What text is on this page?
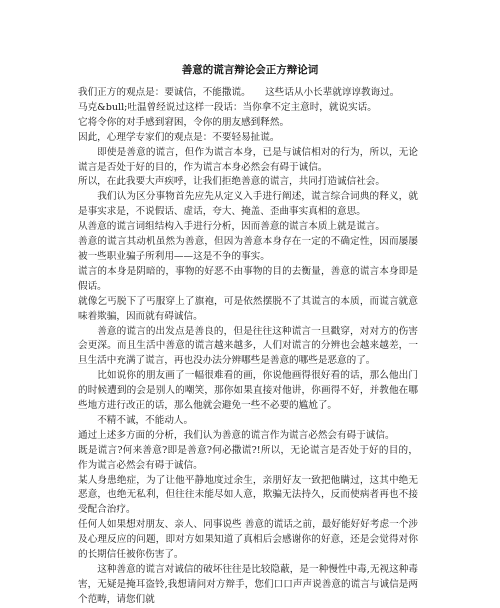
善意的谎言辩论会正方辩论词

我们正方的观点是：要诚信，不能撒谎。　　这些话从小长辈就谆谆教诲过。

马克&bull;吐温曾经说过这样一段话：当你拿不定主意时，就说实话。

它将令你的对手感到窘困，令你的朋友感到释然。

因此，心理学专家们的观点是：不要轻易扯谎。

即使是善意的谎言，但作为谎言本身，已是与诚信相对的行为，所以，无论谎言是否处于好的目的，作为谎言本身必然会有碍于诚信。

所以，在此我要大声疾呼，让我们拒绝善意的谎言，共同打造诚信社会。

我们认为区分事物首先应先从定义入手进行阐述，谎言综合词典的释义，就是事实求是，不说假话、虚话，夸大、掩盖、歪曲事实真相的意思。

从善意的谎言词组结构入手进行分析，因而善意的谎言本质上就是谎言。

善意的谎言其动机虽然为善意，但因为善意本身存在一定的不确定性，因而屡屡被一些职业骗子所利用——这是不争的事实。

谎言的本身是阴暗的，事物的好恶不由事物的目的去衡量，善意的谎言本身即是假话。

就像乞丐脱下了丐服穿上了旗袍，可是依然摆脱不了其谎言的本质，而谎言就意味着欺骗，因而就有碍诚信。

善意的谎言的出发点是善良的，但是往往这种谎言一旦戳穿，对对方的伤害会更深。而且生活中善意的谎言越来越多，人们对谎言的分辨也会越来越差，一旦生活中充满了谎言，再也没办法分辨哪些是善意的哪些是恶意的了。

比如说你的朋友画了一幅很难看的画，你说他画得很好看的话，那么他出门的时候遭到的会是别人的嘲笑，那你如果直接对他讲，你画得不好，并教他在哪些地方进行改正的话，那么他就会避免一些不必要的尴尬了。

不精不诚，不能动人。

通过上述多方面的分析，我们认为善意的谎言作为谎言必然会有碍于诚信。

既是谎言?何来善意?即是善意?何必撒谎?!所以，无论谎言是否处于好的目的，作为谎言必然会有碍于诚信。

某人身患绝症，为了让他平静地度过余生，亲朋好友一致把他瞒过，这其中绝无恶意，也绝无私利，但往往未能尽如人意，欺骗无法持久，反而使病者再也不接受配合治疗。

任何人如果想对朋友、亲人、同事说些 善意的谎话之前，最好能好好考虑一个涉及心理反应的问题，即对方如果知道了真相后会感谢你的好意，还是会觉得对你的长期信任被你伤害了。

这种善意的谎言对诚信的破坏往往是比较隐蔽，是一种慢性中毒,无视这种毒害，无疑是掩耳盗铃,我想请问对方辩手，您们口口声声说善意的谎言与诚信是两个范畴，请您们就
